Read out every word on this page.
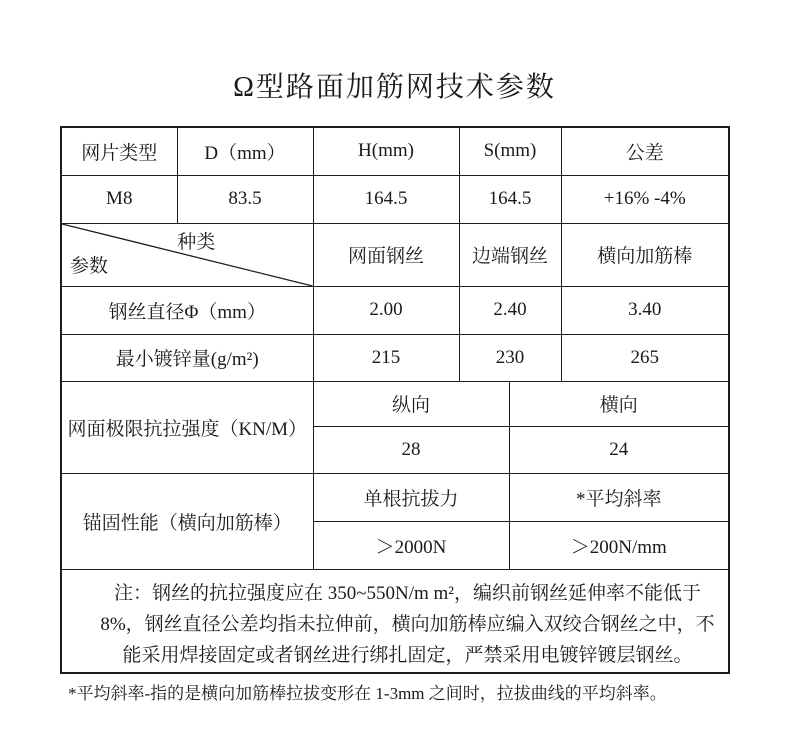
Ω型路面加筋网技术参数
网片类型	D（mm）	H(mm)	S(mm)		公差
M8	83.5	164.5	164.5		+16% -4%

种类
参数		网面钢丝	边端钢丝		横向加筋棒
钢丝直径Φ（mm）		2.00	2.40		3.40
最小镀锌量(g/m²)		215	230		265
网面极限抗拉强度（KN/M）		纵向		横向	
		28		24	
锚固性能（横向加筋棒）		单根抗拔力		*平均斜率	
		＞2000N		＞200N/mm	
注：钢丝的抗拉强度应在 350~550N/m m²，编织前钢丝延伸率不能低于 8%，钢丝直径公差均指未拉伸前，横向加筋棒应编入双绞合钢丝之中，不能采用焊接固定或者钢丝进行绑扎固定，严禁采用电镀锌镀层钢丝。					

*平均斜率-指的是横向加筋棒拉拔变形在 1-3mm 之间时，拉拔曲线的平均斜率。
